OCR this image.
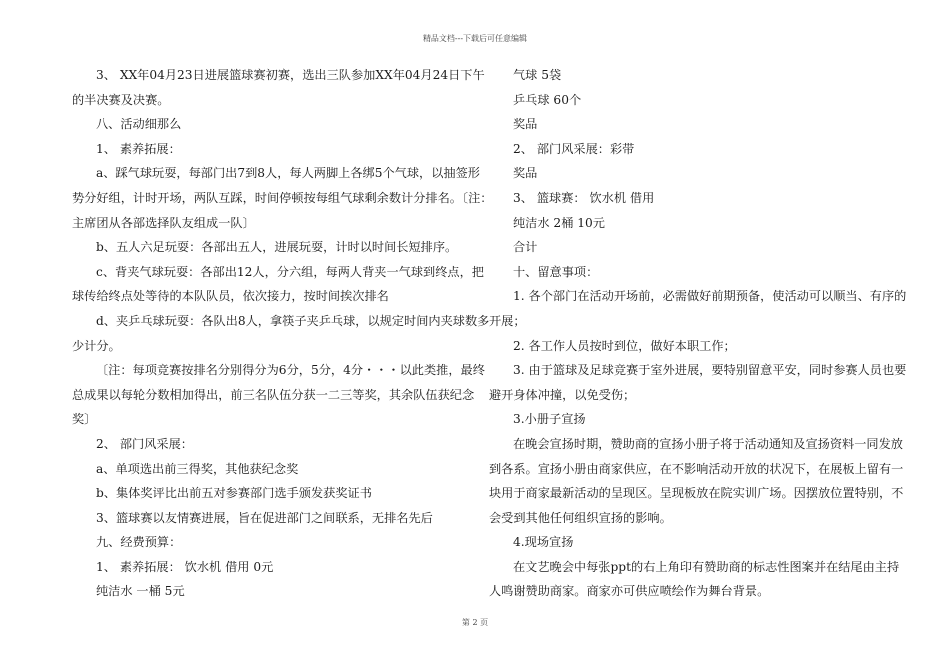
精品文档---下载后可任意编辑

3、 XX年04月23日进展篮球赛初赛，选出三队参加XX年04月24日下午

的半决赛及决赛。

八、活动细那么

1、 素养拓展：

a、踩气球玩耍，每部门出7到8人，每人两脚上各绑5个气球，以抽签形

势分好组，计时开场，两队互踩，时间停顿按每组气球剩余数计分排名。〔注：

主席团从各部选择队友组成一队〕

b、五人六足玩耍：各部出五人，进展玩耍，计时以时间长短排序。

c、背夹气球玩耍：各部出12人，分六组，每两人背夹一气球到终点，把

球传给终点处等待的本队队员，依次接力，按时间挨次排名

d、夹乒乓球玩耍：各队出8人，拿筷子夹乒乓球，以规定时间内夹球数多

少计分。

〔注：每项竞赛按排名分别得分为6分，5分，4分・・・以此类推，最终

总成果以每轮分数相加得出，前三名队伍分获一二三等奖，其余队伍获纪念

奖〕

2、 部门风采展：

a、单项选出前三得奖，其他获纪念奖

b、集体奖评比出前五对参赛部门选手颁发获奖证书

3、篮球赛以友情赛进展，旨在促进部门之间联系，无排名先后

九、经费预算：

1、 素养拓展： 饮水机 借用 0元

纯洁水 一桶 5元

气球 5袋

乒乓球 60个

奖品

2、 部门风采展：彩带

奖品

3、 篮球赛： 饮水机 借用

纯洁水 2桶 10元

合计

十、留意事项：

1. 各个部门在活动开场前，必需做好前期预备，使活动可以顺当、有序的

开展；

2. 各工作人员按时到位，做好本职工作；

3. 由于篮球及足球竞赛于室外进展，要特别留意平安，同时参赛人员也要

避开身体冲撞，以免受伤；

3.小册子宣扬

在晚会宣扬时期，赞助商的宣扬小册子将于活动通知及宣扬资料一同发放

到各系。宣扬小册由商家供应，在不影响活动开放的状况下，在展板上留有一

块用于商家最新活动的呈现区。呈现板放在院实训广场。因摆放位置特别，不

会受到其他任何组织宣扬的影响。

4.现场宣扬

在文艺晚会中每张ppt的右上角印有赞助商的标志性图案并在结尾由主持

人鸣谢赞助商家。商家亦可供应喷绘作为舞台背景。

第 2 页
